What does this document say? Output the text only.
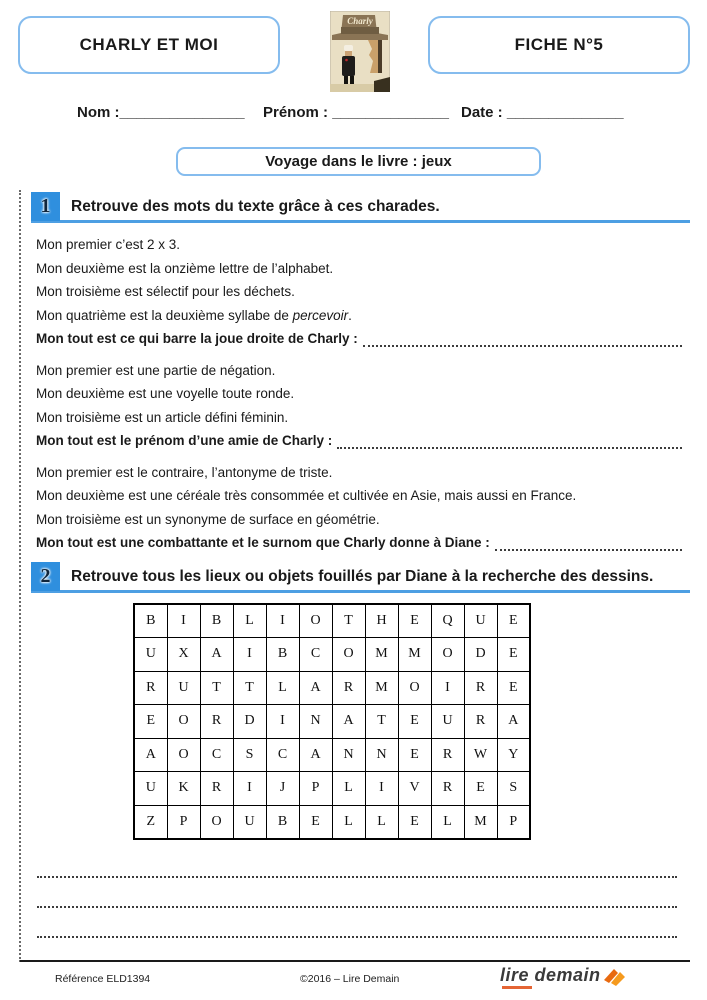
CHARLY ET MOI
Charly
FICHE N°5
Nom :_______________ Prénom : ______________ Date : ______________
Voyage dans le livre : jeux
1	Retrouve des mots du texte grâce à ces charades.
Mon premier c’est 2 x 3.
Mon deuxième est la onzième lettre de l’alphabet.
Mon troisième est sélectif pour les déchets.
Mon quatrième est la deuxième syllabe de percevoir.
Mon tout est ce qui barre la joue droite de Charly :
Mon premier est une partie de négation.
Mon deuxième est une voyelle toute ronde.
Mon troisième est un article défini féminin.
Mon tout est le prénom d’une amie de Charly :
Mon premier est le contraire, l’antonyme de triste.
Mon deuxième est une céréale très consommée et cultivée en Asie, mais aussi en France.
Mon troisième est un synonyme de surface en géométrie.
Mon tout est une combattante et le surnom que Charly donne à Diane :
2	Retrouve tous les lieux ou objets fouillés par Diane à la recherche des dessins.
B	I	B	L	I	O	T	H	E	Q	U	E
U	X	A	I	B	C	O	M	M	O	D	E
R	U	T	T	L	A	R	M	O	I	R	E
E	O	R	D	I	N	A	T	E	U	R	A
A	O	C	S	C	A	N	N	E	R	W	Y
U	K	R	I	J	P	L	I	V	R	E	S
Z	P	O	U	B	E	L	L	E	L	M	P
Référence ELD1394	©2016 – Lire Demain	lire demain
